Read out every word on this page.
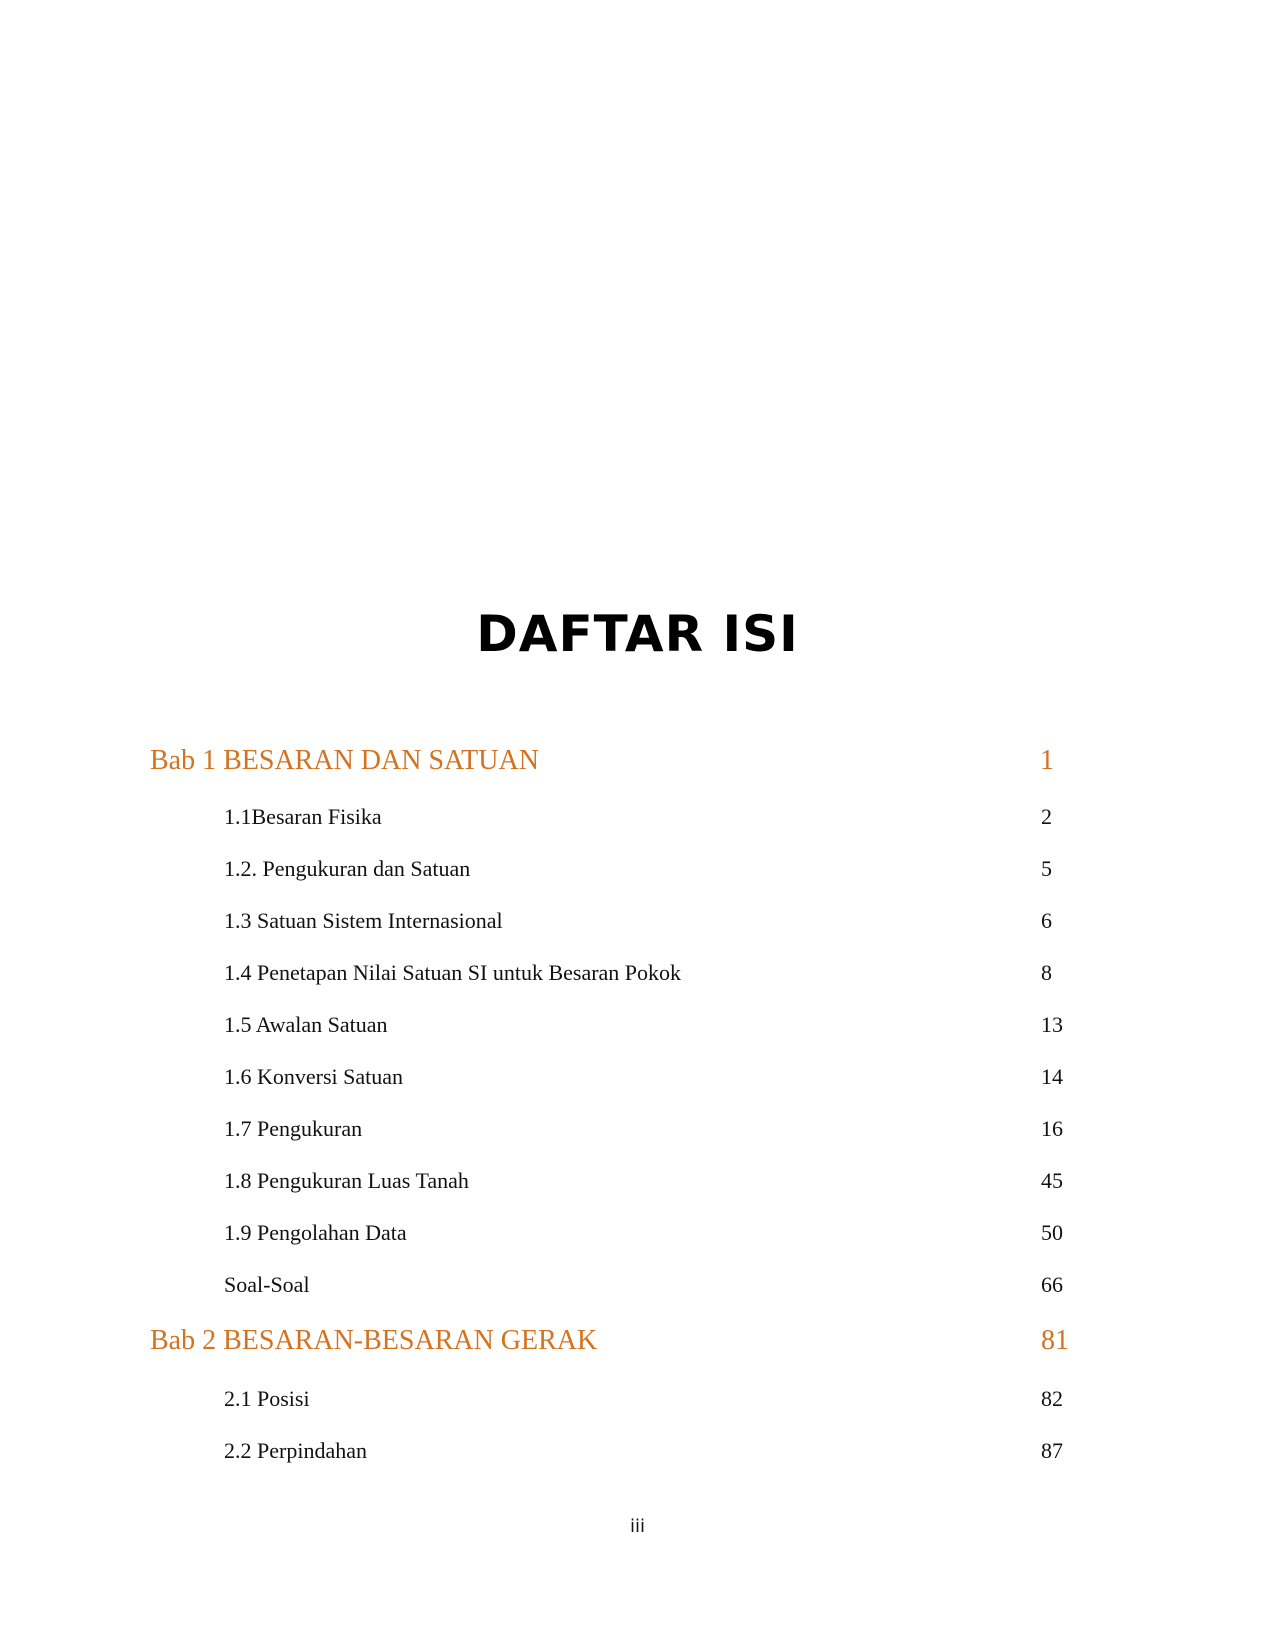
DAFTAR ISI
Bab 1 BESARAN DAN SATUAN	1
1.1Besaran Fisika	2
1.2. Pengukuran dan Satuan	5
1.3 Satuan Sistem Internasional	6
1.4 Penetapan Nilai Satuan SI untuk Besaran Pokok	8
1.5 Awalan Satuan	13
1.6 Konversi Satuan	14
1.7 Pengukuran	16
1.8 Pengukuran Luas Tanah	45
1.9 Pengolahan Data	50
Soal-Soal	66
Bab 2 BESARAN-BESARAN GERAK	81
2.1 Posisi	82
2.2 Perpindahan	87
iii
